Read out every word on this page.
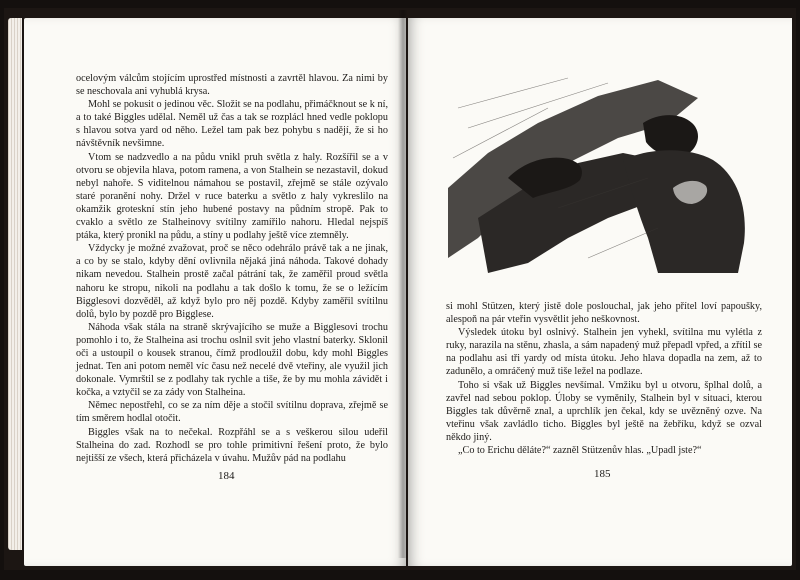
ocelovým válcům stojícím uprostřed místnosti a zavrtěl hlavou. Za nimi by se neschovala ani vyhublá krysa.

Mohl se pokusit o jedinou věc. Složit se na podlahu, přimáčknout se k ní, a to také Biggles udělal. Neměl už čas a tak se rozplácl hned vedle poklopu s hlavou sotva yard od něho. Ležel tam pak bez pohybu s nadějí, že si ho návštěvník nevšimne.

Vtom se nadzvedlo a na půdu vnikl pruh světla z haly. Rozšířil se a v otvoru se objevila hlava, potom ramena, a von Stalhein se nezastavil, dokud nebyl nahoře. S viditelnou námahou se postavil, zřejmě se stále ozývalo staré poranění nohy. Držel v ruce baterku a světlo z haly vykreslilo na okamžik groteskní stín jeho hubené postavy na půdním stropě. Pak to cvaklo a světlo ze Stalheinovy svítilny zamířilo nahoru. Hledal nejspíš ptáka, který pronikl na půdu, a stíny u podlahy ještě více ztemněly.

Vždycky je možné zvažovat, proč se něco odehrálo právě tak a ne jinak, a co by se stalo, kdyby dění ovlivnila nějaká jiná náhoda. Takové dohady nikam nevedou. Stalhein prostě začal pátrání tak, že zaměřil proud světla nahoru ke stropu, nikoli na podlahu a tak došlo k tomu, že se o ležícím Bigglesovi dozvěděl, až když bylo pro něj pozdě. Kdyby zaměřil svítilnu dolů, bylo by pozdě pro Bigglese.

Náhoda však stála na straně skrývajícího se muže a Bigglesovi trochu pomohlo i to, že Stalheina asi trochu oslnil svit jeho vlastní baterky. Sklonil oči a ustoupil o kousek stranou, čímž prodloužil dobu, kdy mohl Biggles jednat. Ten ani potom neměl víc času než necelé dvě vteřiny, ale využil jich dokonale. Vymrštil se z podlahy tak rychle a tiše, že by mu mohla závidět i kočka, a vztyčil se za zády von Stalheina.

Němec nepostřehl, co se za ním děje a stočil svítilnu doprava, zřejmě se tím směrem hodlal otočit.

Biggles však na to nečekal. Rozpřáhl se a s veškerou silou udeřil Stalheina do zad. Rozhodl se pro tohle primitivní řešení proto, že bylo nejtišší ze všech, která přicházela v úvahu. Mužův pád na podlahu

184

si mohl Stützen, který jistě dole poslouchal, jak jeho přítel loví papoušky, alespoň na pár vteřin vysvětlit jeho neškovnost.

Výsledek útoku byl oslnivý. Stalhein jen vyhekl, svítilna mu vylétla z ruky, narazila na stěnu, zhasla, a sám napadený muž přepadl vpřed, a zřítil se na podlahu asi tři yardy od místa útoku. Jeho hlava dopadla na zem, až to zadunělo, a omráčený muž tiše ležel na podlaze.

Toho si však už Biggles nevšímal. Vmžiku byl u otvoru, šplhal dolů, a zavřel nad sebou poklop. Úloby se vyměnily, Stalhein byl v situaci, kterou Biggles tak důvěrně znal, a uprchlík jen čekal, kdy se uvězněný ozve. Na vteřinu však zavládlo ticho. Biggles byl ještě na žebříku, když se ozval někdo jiný.

„Co to Erichu děláte?“ zazněl Stützenův hlas. „Upadl jste?“

185
